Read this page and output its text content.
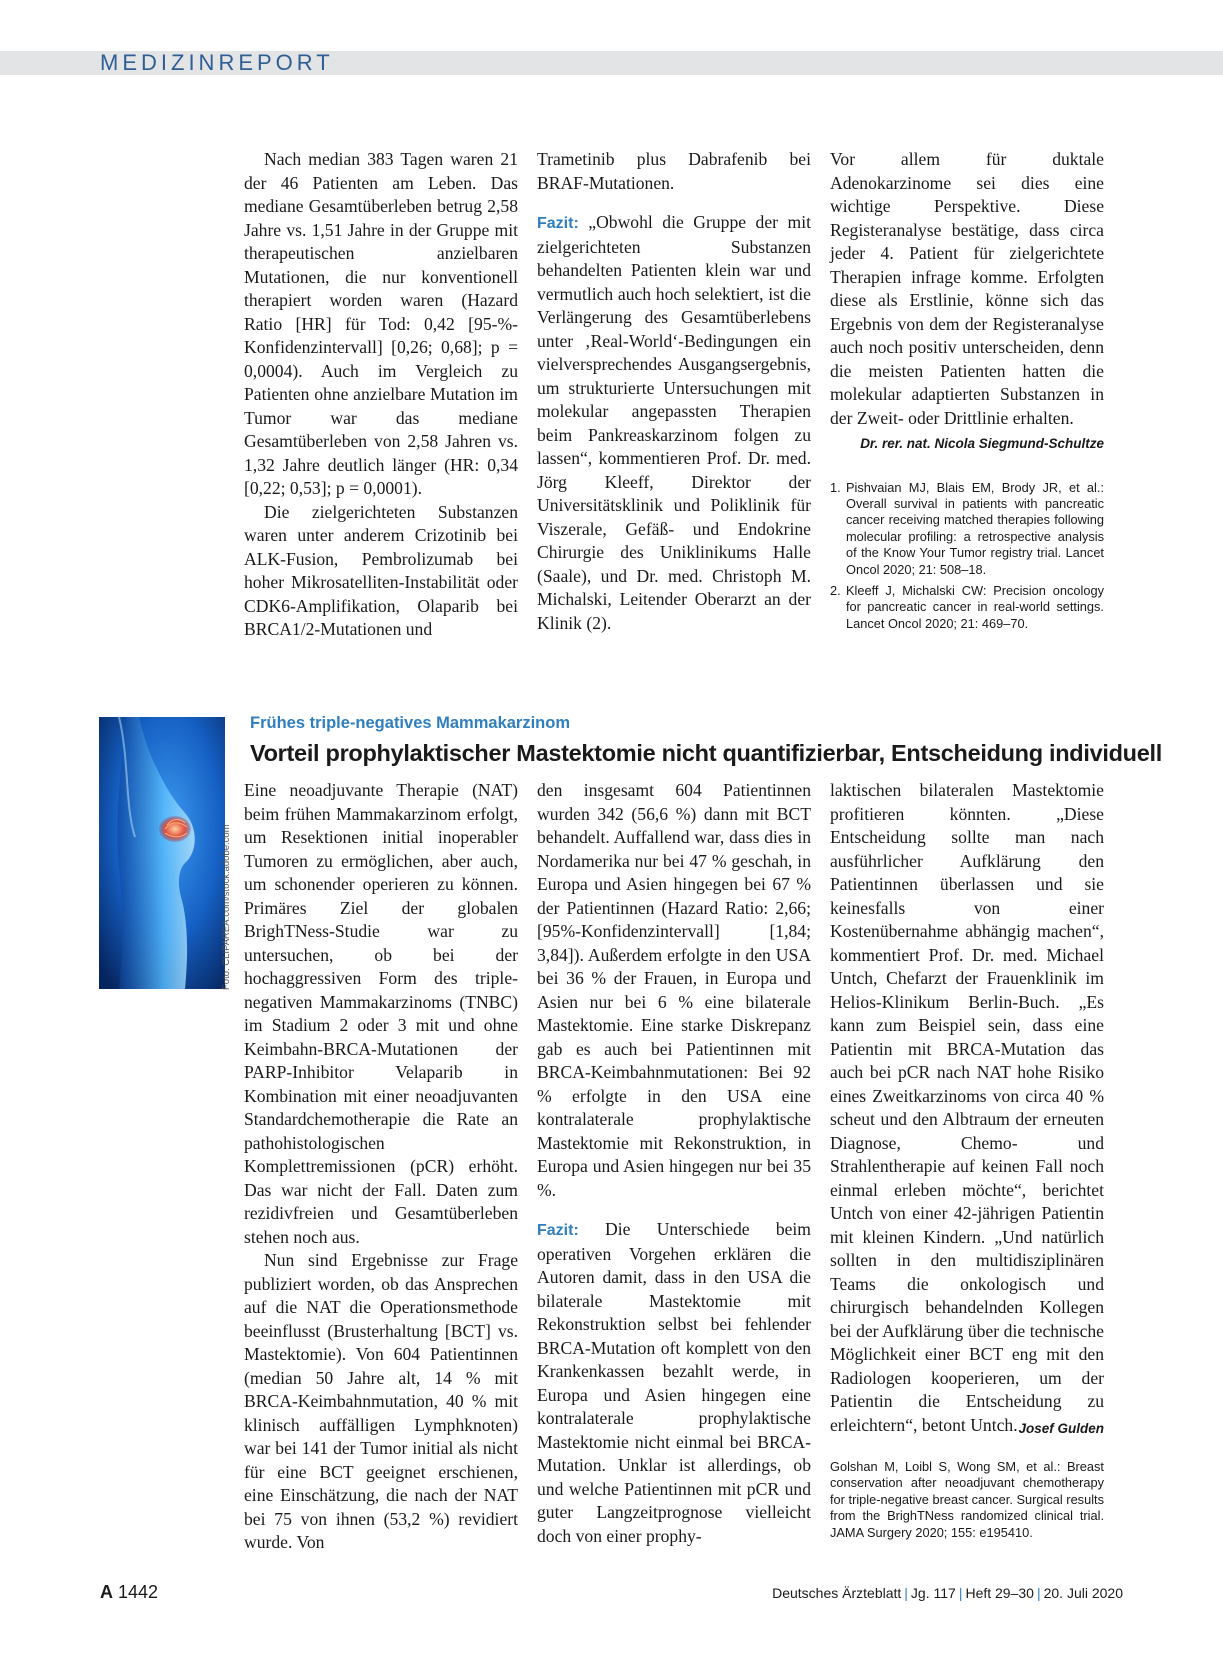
MEDIZINREPORT

Nach median 383 Tagen waren 21 der 46 Patienten am Leben. Das mediane Gesamtüberleben betrug 2,58 Jahre vs. 1,51 Jahre in der Gruppe mit therapeutischen anzielbaren Mutationen, die nur konventionell therapiert worden waren (Hazard Ratio [HR] für Tod: 0,42 [95-%-Konfidenzintervall] [0,26; 0,68]; p = 0,0004). Auch im Vergleich zu Patienten ohne anzielbare Mutation im Tumor war das mediane Gesamtüberleben von 2,58 Jahren vs. 1,32 Jahre deutlich länger (HR: 0,34 [0,22; 0,53]; p = 0,0001).

Die zielgerichteten Substanzen waren unter anderem Crizotinib bei ALK-Fusion, Pembrolizumab bei hoher Mikrosatelliten-Instabilität oder CDK6-Amplifikation, Olaparib bei BRCA1/2-Mutationen und

Trametinib plus Dabrafenib bei BRAF-Mutationen.

Fazit: „Obwohl die Gruppe der mit zielgerichteten Substanzen behandelten Patienten klein war und vermutlich auch hoch selektiert, ist die Verlängerung des Gesamtüberlebens unter ‚Real-World‘-Bedingungen ein vielversprechendes Ausgangsergebnis, um strukturierte Untersuchungen mit molekular angepassten Therapien beim Pankreaskarzinom folgen zu lassen“, kommentieren Prof. Dr. med. Jörg Kleeff, Direktor der Universitätsklinik und Poliklinik für Viszerale, Gefäß- und Endokrine Chirurgie des Uniklinikums Halle (Saale), und Dr. med. Christoph M. Michalski, Leitender Oberarzt an der Klinik (2).

Vor allem für duktale Adenokarzinome sei dies eine wichtige Perspektive. Diese Registeranalyse bestätige, dass circa jeder 4. Patient für zielgerichtete Therapien infrage komme. Erfolgten diese als Erstlinie, könne sich das Ergebnis von dem der Registeranalyse auch noch positiv unterscheiden, denn die meisten Patienten hatten die molekular adaptierten Substanzen in der Zweit- oder Drittlinie erhalten.

Dr. rer. nat. Nicola Siegmund-Schultze
1. Pishvaian MJ, Blais EM, Brody JR, et al.: Overall survival in patients with pancreatic cancer receiving matched therapies following molecular profiling: a retrospective analysis of the Know Your Tumor registry trial. Lancet Oncol 2020; 21: 508–18.
2. Kleeff J, Michalski CW: Precision oncology for pancreatic cancer in real-world settings. Lancet Oncol 2020; 21: 469–70.
Foto: CLIPAREA.com/stock.adobe.com
Frühes triple-negatives Mammakarzinom
Vorteil prophylaktischer Mastektomie nicht quantifizierbar, Entscheidung individuell

Eine neoadjuvante Therapie (NAT) beim frühen Mammakarzinom erfolgt, um Resektionen initial inoperabler Tumoren zu ermöglichen, aber auch, um schonender operieren zu können. Primäres Ziel der globalen BrighTNess-Studie war zu untersuchen, ob bei der hochaggressiven Form des triple-negativen Mammakarzinoms (TNBC) im Stadium 2 oder 3 mit und ohne Keimbahn-BRCA-Mutationen der PARP-Inhibitor Velaparib in Kombination mit einer neoadjuvanten Standardchemotherapie die Rate an pathohistologischen Komplettremissionen (pCR) erhöht. Das war nicht der Fall. Daten zum rezidivfreien und Gesamtüberleben stehen noch aus.

Nun sind Ergebnisse zur Frage publiziert worden, ob das Ansprechen auf die NAT die Operationsmethode beeinflusst (Brusterhaltung [BCT] vs. Mastektomie). Von 604 Patientinnen (median 50 Jahre alt, 14 % mit BRCA-Keimbahnmutation, 40 % mit klinisch auffälligen Lymphknoten) war bei 141 der Tumor initial als nicht für eine BCT geeignet erschienen, eine Einschätzung, die nach der NAT bei 75 von ihnen (53,2 %) revidiert wurde. Von

den insgesamt 604 Patientinnen wurden 342 (56,6 %) dann mit BCT behandelt. Auffallend war, dass dies in Nordamerika nur bei 47 % geschah, in Europa und Asien hingegen bei 67 % der Patientinnen (Hazard Ratio: 2,66; [95%-Konfidenzintervall] [1,84; 3,84]). Außerdem erfolgte in den USA bei 36 % der Frauen, in Europa und Asien nur bei 6 % eine bilaterale Mastektomie. Eine starke Diskrepanz gab es auch bei Patientinnen mit BRCA-Keimbahnmutationen: Bei 92 % erfolgte in den USA eine kontralaterale prophylaktische Mastektomie mit Rekonstruktion, in Europa und Asien hingegen nur bei 35 %.

Fazit: Die Unterschiede beim operativen Vorgehen erklären die Autoren damit, dass in den USA die bilaterale Mastektomie mit Rekonstruktion selbst bei fehlender BRCA-Mutation oft komplett von den Krankenkassen bezahlt werde, in Europa und Asien hingegen eine kontralaterale prophylaktische Mastektomie nicht einmal bei BRCA-Mutation. Unklar ist allerdings, ob und welche Patientinnen mit pCR und guter Langzeitprognose vielleicht doch von einer prophy-

laktischen bilateralen Mastektomie profitieren könnten. „Diese Entscheidung sollte man nach ausführlicher Aufklärung den Patientinnen überlassen und sie keinesfalls von einer Kostenübernahme abhängig machen“, kommentiert Prof. Dr. med. Michael Untch, Chefarzt der Frauenklinik im Helios-Klinikum Berlin-Buch. „Es kann zum Beispiel sein, dass eine Patientin mit BRCA-Mutation das auch bei pCR nach NAT hohe Risiko eines Zweitkarzinoms von circa 40 % scheut und den Albtraum der erneuten Diagnose, Chemo- und Strahlentherapie auf keinen Fall noch einmal erleben möchte“, berichtet Untch von einer 42-jährigen Patientin mit kleinen Kindern. „Und natürlich sollten in den multidisziplinären Teams die onkologisch und chirurgisch behandelnden Kollegen bei der Aufklärung über die technische Möglichkeit einer BCT eng mit den Radiologen kooperieren, um der Patientin die Entscheidung zu erleichtern“, betont Untch. Josef Gulden

Golshan M, Loibl S, Wong SM, et al.: Breast conservation after neoadjuvant chemotherapy for triple-negative breast cancer. Surgical results from the BrighTNess randomized clinical trial. JAMA Surgery 2020; 155: e195410.
A 1442	Deutsches Ärzteblatt | Jg. 117 | Heft 29–30 | 20. Juli 2020
